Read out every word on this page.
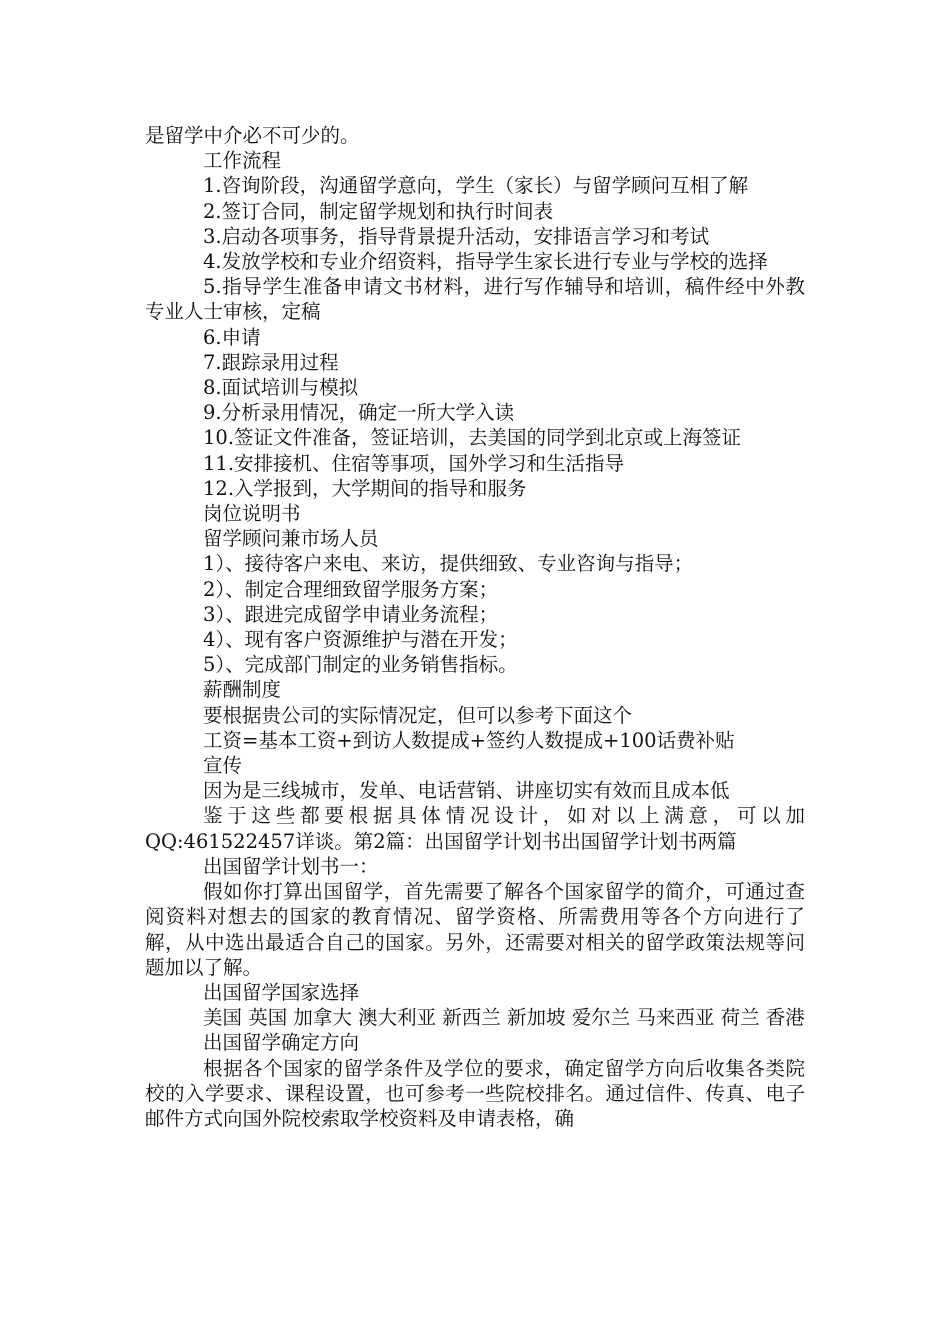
是留学中介必不可少的。
工作流程
1.咨询阶段，沟通留学意向，学生（家长）与留学顾问互相了解
2.签订合同，制定留学规划和执行时间表
3.启动各项事务，指导背景提升活动，安排语言学习和考试
4.发放学校和专业介绍资料，指导学生家长进行专业与学校的选择
5.指导学生准备申请文书材料，进行写作辅导和培训，稿件经中外教专业人士审核，定稿
6.申请
7.跟踪录用过程
8.面试培训与模拟
9.分析录用情况，确定一所大学入读
10.签证文件准备，签证培训，去美国的同学到北京或上海签证
11.安排接机、住宿等事项，国外学习和生活指导
12.入学报到，大学期间的指导和服务
岗位说明书
留学顾问兼市场人员
1）、接待客户来电、来访，提供细致、专业咨询与指导；
2）、制定合理细致留学服务方案；
3）、跟进完成留学申请业务流程；
4）、现有客户资源维护与潜在开发；
5）、完成部门制定的业务销售指标。
薪酬制度
要根据贵公司的实际情况定，但可以参考下面这个
工资=基本工资+到访人数提成+签约人数提成+100话费补贴
宣传
因为是三线城市，发单、电话营销、讲座切实有效而且成本低
鉴于这些都要根据具体情况设计，如对以上满意，可以加QQ:461522457详谈。第2篇：出国留学计划书出国留学计划书两篇
出国留学计划书一：
假如你打算出国留学，首先需要了解各个国家留学的简介，可通过查阅资料对想去的国家的教育情况、留学资格、所需费用等各个方向进行了解，从中选出最适合自己的国家。另外，还需要对相关的留学政策法规等问题加以了解。
出国留学国家选择
美国 英国 加拿大 澳大利亚 新西兰 新加坡 爱尔兰 马来西亚 荷兰 香港
出国留学确定方向
根据各个国家的留学条件及学位的要求，确定留学方向后收集各类院校的入学要求、课程设置，也可参考一些院校排名。通过信件、传真、电子邮件方式向国外院校索取学校资料及申请表格，确
